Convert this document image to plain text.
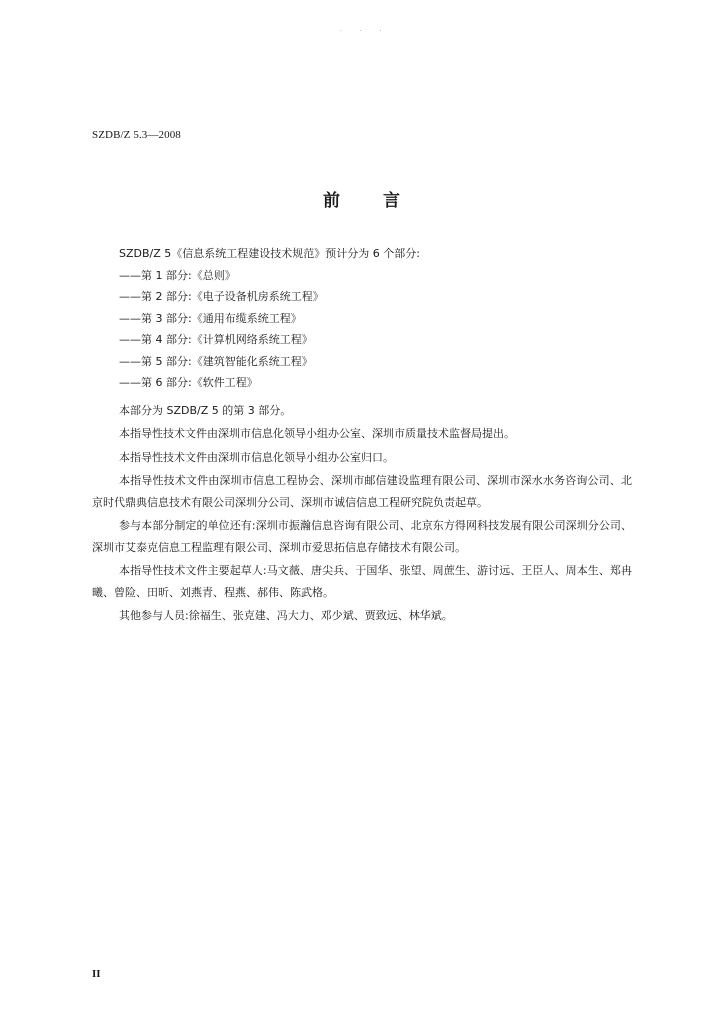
. . .
SZDB/Z 5.3—2008
前 言
SZDB/Z 5《信息系统工程建设技术规范》预计分为 6 个部分:
——第 1 部分:《总则》
——第 2 部分:《电子设备机房系统工程》
——第 3 部分:《通用布缆系统工程》
——第 4 部分:《计算机网络系统工程》
——第 5 部分:《建筑智能化系统工程》
——第 6 部分:《软件工程》
本部分为 SZDB/Z 5 的第 3 部分。
本指导性技术文件由深圳市信息化领导小组办公室、深圳市质量技术监督局提出。
本指导性技术文件由深圳市信息化领导小组办公室归口。
本指导性技术文件由深圳市信息工程协会、深圳市邮信建设监理有限公司、深圳市深水水务咨询公司、北京时代鼎典信息技术有限公司深圳分公司、深圳市诚信信息工程研究院负责起草。
参与本部分制定的单位还有:深圳市振瀚信息咨询有限公司、北京东方得网科技发展有限公司深圳分公司、深圳市艾泰克信息工程监理有限公司、深圳市爱思拓信息存储技术有限公司。
本指导性技术文件主要起草人:马文薇、唐尖兵、于国华、张望、周蔗生、游讨远、王臣人、周本生、郑冉曦、曾险、田昕、刘燕青、程燕、郝伟、陈武格。
其他参与人员:徐福生、张克建、冯大力、邓少斌、贾致远、林华斌。
II
